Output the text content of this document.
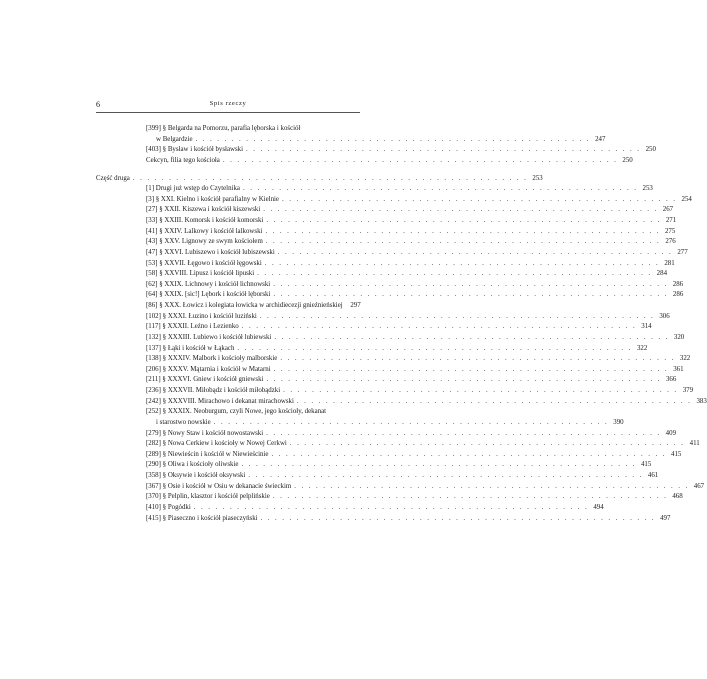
6	Spis rzeczy
[399] § Belgarda na Pomorzu, parafia lęborska i kościół
w Belgardzie . . . . . . . . . . . . . . . . . . . . . . . . . . . . . . . . . . . . . . . . . . . . . . . . . . . . . . . 247
[403] § Bysław i kościół bysławski . . . . . . . . . . . . . . . . . . . . . . . . . . . . . . . . . . . . . . . . . . . . . . . . . . . . . . . 250
Cekcyn, filia tego kościoła . . . . . . . . . . . . . . . . . . . . . . . . . . . . . . . . . . . . . . . . . . . . . . . . . . . . . . . 250
Część druga . . . . . . . . . . . . . . . . . . . . . . . . . . . . . . . . . . . . . . . . . . . . . . . . . . . . . . . 253
[1] Drugi już wstęp do Czytelnika . . . . . . . . . . . . . . . . . . . . . . . . . . . . . . . . . . . . . . . . . . . . . . . . . . . . . . . 253
[3] § XXI. Kielno i kościół parafialny w Kielnie . . . . . . . . . . . . . . . . . . . . . . . . . . . . . . . . . . . . . . . . . . . . . . . . . . . . . . . 254
[27] § XXII. Kiszewa i kościół kiszewski . . . . . . . . . . . . . . . . . . . . . . . . . . . . . . . . . . . . . . . . . . . . . . . . . . . . . . . 267
[33] § XXIII. Komorsk i kościół komorski . . . . . . . . . . . . . . . . . . . . . . . . . . . . . . . . . . . . . . . . . . . . . . . . . . . . . . . 271
[41] § XXIV. Lalkowy i kościół lalkowski . . . . . . . . . . . . . . . . . . . . . . . . . . . . . . . . . . . . . . . . . . . . . . . . . . . . . . . 275
[43] § XXV. Lignowy ze swym kościołem . . . . . . . . . . . . . . . . . . . . . . . . . . . . . . . . . . . . . . . . . . . . . . . . . . . . . . . 276
[47] § XXVI. Lubiszewo i kościół lubiszewski . . . . . . . . . . . . . . . . . . . . . . . . . . . . . . . . . . . . . . . . . . . . . . . . . . . . . . . 277
[53] § XXVII. Łęgowo i kościół łęgowski . . . . . . . . . . . . . . . . . . . . . . . . . . . . . . . . . . . . . . . . . . . . . . . . . . . . . . . 281
[58] § XXVIII. Lipusz i kościół lipuski . . . . . . . . . . . . . . . . . . . . . . . . . . . . . . . . . . . . . . . . . . . . . . . . . . . . . . . 284
[62] § XXIX. Lichnowy i kościół lichnowski . . . . . . . . . . . . . . . . . . . . . . . . . . . . . . . . . . . . . . . . . . . . . . . . . . . . . . . 286
[64] § XXIX. [sic!] Lębork i kościół lęborski . . . . . . . . . . . . . . . . . . . . . . . . . . . . . . . . . . . . . . . . . . . . . . . . . . . . . . . 286
[86] § XXX. Łowicz i kolegiata łowicka w archidiecezji gnieźnieńskiej 297
[102] § XXXI. Łuzino i kościół luziński . . . . . . . . . . . . . . . . . . . . . . . . . . . . . . . . . . . . . . . . . . . . . . . . . . . . . . . 306
[117] § XXXII. Leźno i Lezienko . . . . . . . . . . . . . . . . . . . . . . . . . . . . . . . . . . . . . . . . . . . . . . . . . . . . . . . 314
[132] § XXXIII. Lubiewo i kościół lubiewski . . . . . . . . . . . . . . . . . . . . . . . . . . . . . . . . . . . . . . . . . . . . . . . . . . . . . . . 320
[137] § Łąki i kościół w Łąkach . . . . . . . . . . . . . . . . . . . . . . . . . . . . . . . . . . . . . . . . . . . . . . . . . . . . . . . 322
[138] § XXXIV. Malbork i kościoły malborskie . . . . . . . . . . . . . . . . . . . . . . . . . . . . . . . . . . . . . . . . . . . . . . . . . . . . . . . 322
[206] § XXXV. Mątarnia i kościół w Matarni . . . . . . . . . . . . . . . . . . . . . . . . . . . . . . . . . . . . . . . . . . . . . . . . . . . . . . . 361
[211] § XXXVI. Gniew i kościół gniewski . . . . . . . . . . . . . . . . . . . . . . . . . . . . . . . . . . . . . . . . . . . . . . . . . . . . . . . 366
[236] § XXXVII. Miłobądz i kościół miłobądzki . . . . . . . . . . . . . . . . . . . . . . . . . . . . . . . . . . . . . . . . . . . . . . . . . . . . . . . 379
[242] § XXXVIII. Mirachowo i dekanat mirachowski . . . . . . . . . . . . . . . . . . . . . . . . . . . . . . . . . . . . . . . . . . . . . . . . . . . . . . . 383
[252] § XXXIX. Neoburgum, czyli Nowe, jego kościoły, dekanat
i starostwo nowskie . . . . . . . . . . . . . . . . . . . . . . . . . . . . . . . . . . . . . . . . . . . . . . . . . . . . . . . 390
[279] § Nowy Staw i kościół nowostawski . . . . . . . . . . . . . . . . . . . . . . . . . . . . . . . . . . . . . . . . . . . . . . . . . . . . . . . 409
[282] § Nowa Cerkiew i kościoły w Nowej Cerkwi . . . . . . . . . . . . . . . . . . . . . . . . . . . . . . . . . . . . . . . . . . . . . . . . . . . . . . . 411
[289] § Niewieścin i kościół w Niewieścinie . . . . . . . . . . . . . . . . . . . . . . . . . . . . . . . . . . . . . . . . . . . . . . . . . . . . . . . 415
[290] § Oliwa i kościoły oliwskie . . . . . . . . . . . . . . . . . . . . . . . . . . . . . . . . . . . . . . . . . . . . . . . . . . . . . . . 415
[358] § Oksywie i kościół oksywski . . . . . . . . . . . . . . . . . . . . . . . . . . . . . . . . . . . . . . . . . . . . . . . . . . . . . . . 461
[367] § Osie i kościół w Osiu w dekanacie świeckim . . . . . . . . . . . . . . . . . . . . . . . . . . . . . . . . . . . . . . . . . . . . . . . . . . . . . . . 467
[370] § Pelplin, klasztor i kościół pelplińskie . . . . . . . . . . . . . . . . . . . . . . . . . . . . . . . . . . . . . . . . . . . . . . . . . . . . . . . 468
[410] § Pogódki . . . . . . . . . . . . . . . . . . . . . . . . . . . . . . . . . . . . . . . . . . . . . . . . . . . . . . . 494
[415] § Piaseczno i kościół piaseczyński . . . . . . . . . . . . . . . . . . . . . . . . . . . . . . . . . . . . . . . . . . . . . . . . . . . . . . . 497
